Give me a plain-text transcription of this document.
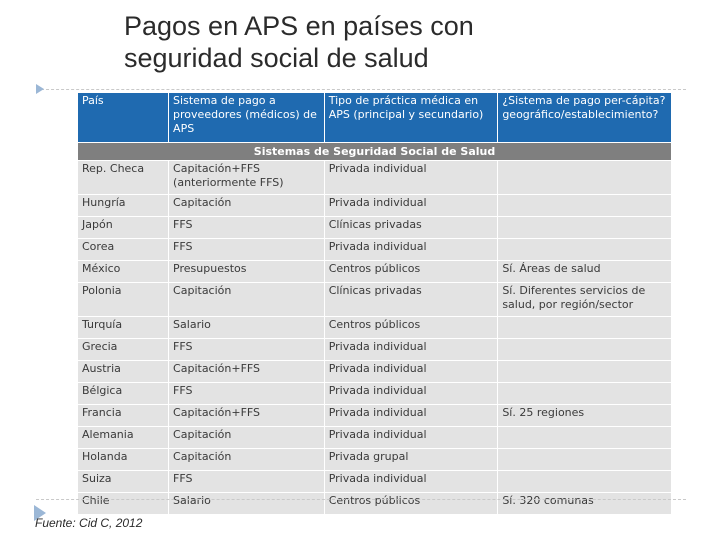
Pagos en APS en países con
seguridad social de salud
País	Sistema de pago a proveedores (médicos) de APS	Tipo de práctica médica en APS (principal y secundario)	¿Sistema de pago per-cápita? geográfico/establecimiento?
Sistemas de Seguridad Social de Salud			
Rep. Checa	Capitación+FFS (anteriormente FFS)	Privada individual	
Hungría	Capitación	Privada individual	
Japón	FFS	Clínicas privadas	
Corea	FFS	Privada individual	
México	Presupuestos	Centros públicos	Sí. Áreas de salud
Polonia	Capitación	Clínicas privadas	Sí. Diferentes servicios de salud, por región/sector
Turquía	Salario	Centros públicos	
Grecia	FFS	Privada individual	
Austria	Capitación+FFS	Privada individual	
Bélgica	FFS	Privada individual	
Francia	Capitación+FFS	Privada individual	Sí. 25 regiones
Alemania	Capitación	Privada individual	
Holanda	Capitación	Privada grupal	
Suiza	FFS	Privada individual	
Chile	Salario	Centros públicos	Sí. 320 comunas
Fuente: Cid C, 2012
